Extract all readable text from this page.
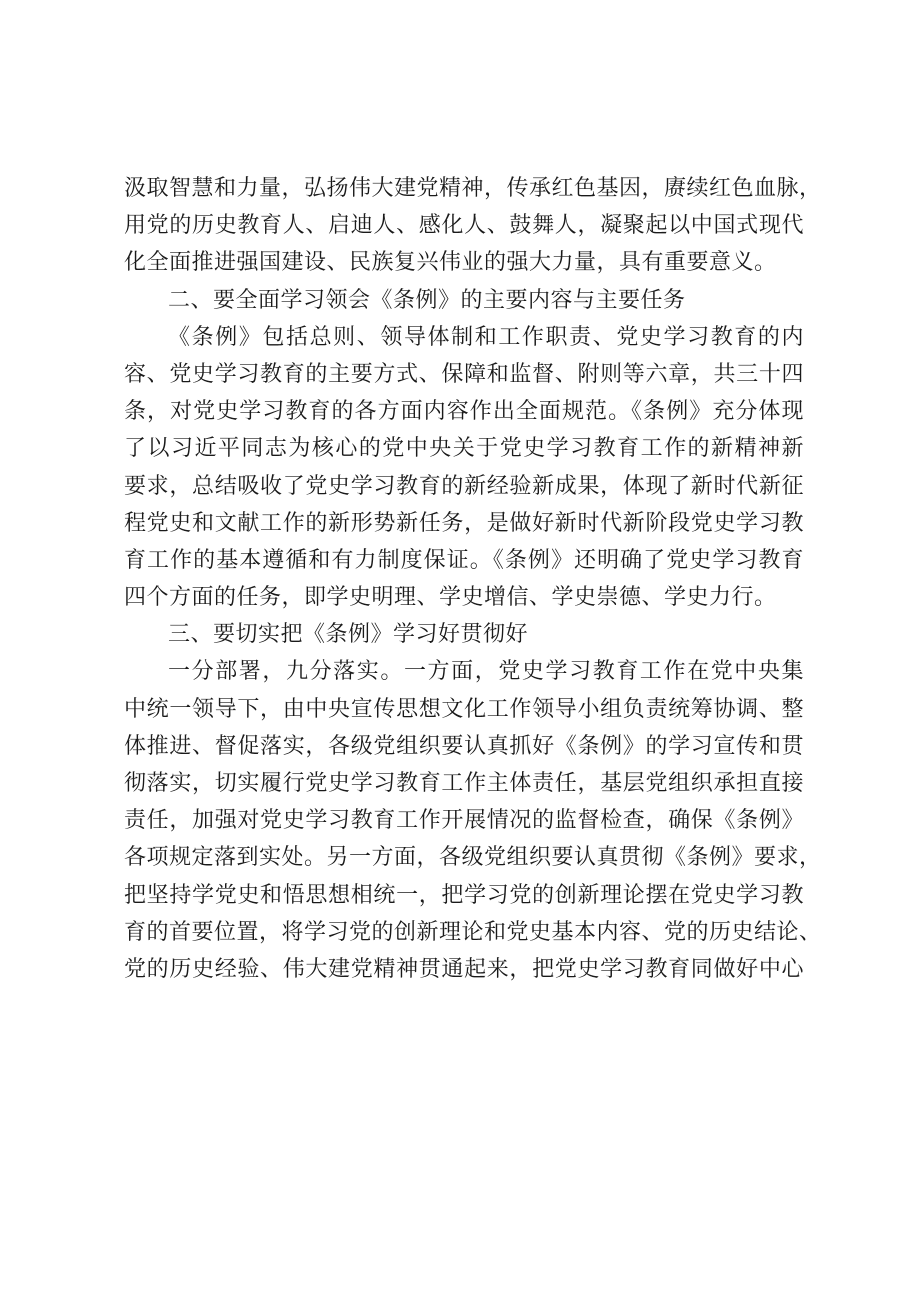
汲取智慧和力量，弘扬伟大建党精神，传承红色基因，赓续红色血脉，
用党的历史教育人、启迪人、感化人、鼓舞人，凝聚起以中国式现代
化全面推进强国建设、民族复兴伟业的强大力量，具有重要意义。
二、要全面学习领会《条例》的主要内容与主要任务
《条例》包括总则、领导体制和工作职责、党史学习教育的内
容、党史学习教育的主要方式、保障和监督、附则等六章，共三十四
条，对党史学习教育的各方面内容作出全面规范。《条例》充分体现
了以习近平同志为核心的党中央关于党史学习教育工作的新精神新
要求，总结吸收了党史学习教育的新经验新成果，体现了新时代新征
程党史和文献工作的新形势新任务，是做好新时代新阶段党史学习教
育工作的基本遵循和有力制度保证。《条例》还明确了党史学习教育
四个方面的任务，即学史明理、学史增信、学史崇德、学史力行。
三、要切实把《条例》学习好贯彻好
一分部署，九分落实。一方面，党史学习教育工作在党中央集
中统一领导下，由中央宣传思想文化工作领导小组负责统筹协调、整
体推进、督促落实，各级党组织要认真抓好《条例》的学习宣传和贯
彻落实，切实履行党史学习教育工作主体责任，基层党组织承担直接
责任，加强对党史学习教育工作开展情况的监督检查，确保《条例》
各项规定落到实处。另一方面，各级党组织要认真贯彻《条例》要求，
把坚持学党史和悟思想相统一，把学习党的创新理论摆在党史学习教
育的首要位置，将学习党的创新理论和党史基本内容、党的历史结论、
党的历史经验、伟大建党精神贯通起来，把党史学习教育同做好中心
